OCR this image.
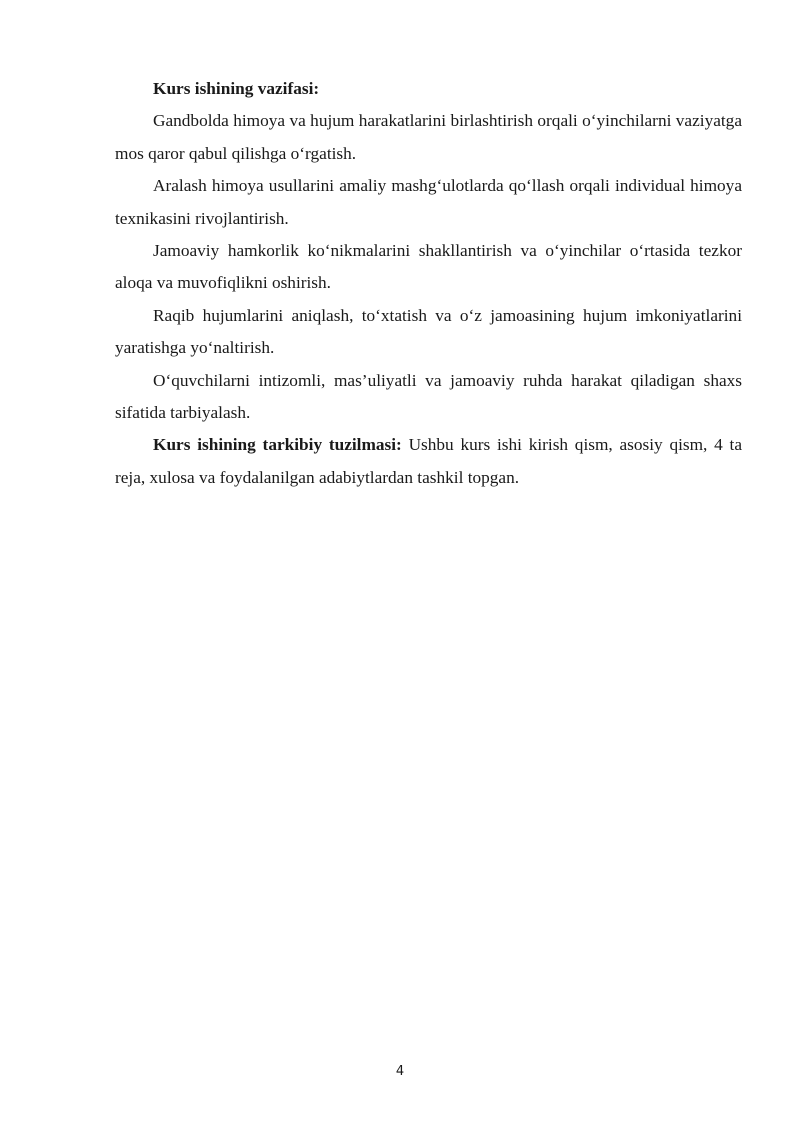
Kurs ishining vazifasi:

Gandbolda himoya va hujum harakatlarini birlashtirish orqali o‘yinchilarni vaziyatga mos qaror qabul qilishga o‘rgatish.

Aralash himoya usullarini amaliy mashg‘ulotlarda qo‘llash orqali individual himoya texnikasini rivojlantirish.

Jamoaviy hamkorlik ko‘nikmalarini shakllantirish va o‘yinchilar o‘rtasida tezkor aloqa va muvofiqlikni oshirish.

Raqib hujumlarini aniqlash, to‘xtatish va o‘z jamoasining hujum imkoniyatlarini yaratishga yo‘naltirish.

O‘quvchilarni intizomli, mas’uliyatli va jamoaviy ruhda harakat qiladigan shaxs sifatida tarbiyalash.

Kurs ishining tarkibiy tuzilmasi: Ushbu kurs ishi kirish qism, asosiy qism, 4 ta reja, xulosa va foydalanilgan adabiytlardan tashkil topgan.

4
